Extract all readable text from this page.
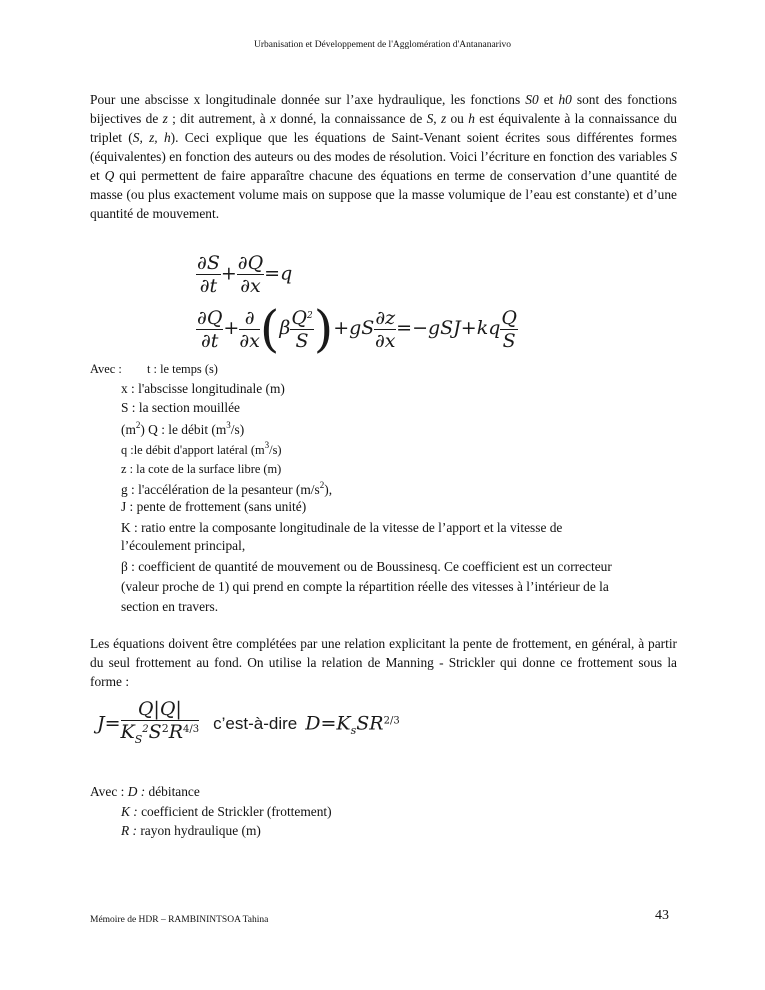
Urbanisation et Développement de l'Agglomération d'Antananarivo

Pour une abscisse x longitudinale donnée sur l’axe hydraulique, les fonctions S0 et h0 sont des fonctions bijectives de z ; dit autrement, à x donné, la connaissance de S, z ou h est équivalente à la connaissance du triplet (S, z, h). Ceci explique que les équations de Saint-Venant soient écrites sous différentes formes (équivalentes) en fonction des auteurs ou des modes de résolution. Voici l’écriture en fonction des variables S et Q qui permettent de faire apparaître chacune des équations en terme de conservation d’une quantité de masse (ou plus exactement volume mais on suppose que la masse volumique de l’eau est constante) et d’une quantité de mouvement.

$\frac{\partial S}{\partial t} + \frac{\partial Q}{\partial x} =q$
$\frac{\partial Q}{\partial t} + \frac{\partial}{\partial x} (\beta \frac{Q^2}{S} )+gS \frac{\partial z}{\partial x} =-gSJ+kq \frac{Q}{S}$
Avec : t : le temps (s)
x : l'abscisse longitudinale (m)
S : la section mouillée
$(m^2)$ Q : le débit $(m^3/s)$
q :le débit d'apport latéral $(m^3/s)$
z : la cote de la surface libre (m)
g : l'accélération de la pesanteur $(m/s^2)$,
J : pente de frottement (sans unité)
K : ratio entre la composante longitudinale de la vitesse de l’apport et la vitesse de
l’écoulement principal,
β : coefficient de quantité de mouvement ou de Boussinesq. Ce coefficient est un correcteur
(valeur proche de 1) qui prend en compte la répartition réelle des vitesses à l’intérieur de la
section en travers.

Les équations doivent être complétées par une relation explicitant la pente de frottement, en général, à partir du seul frottement au fond. On utilise la relation de Manning - Strickler qui donne ce frottement sous la forme :

$J= \frac{Q|Q|}{K_S^2S^2R^{4/3}}$ c’est-à-dire $D=K_sSR^{2/3}$
Avec : D : débitance
K : coefficient de Strickler (frottement)
R : rayon hydraulique (m)
Mémoire de HDR – RAMBININTSOA Tahina	43
